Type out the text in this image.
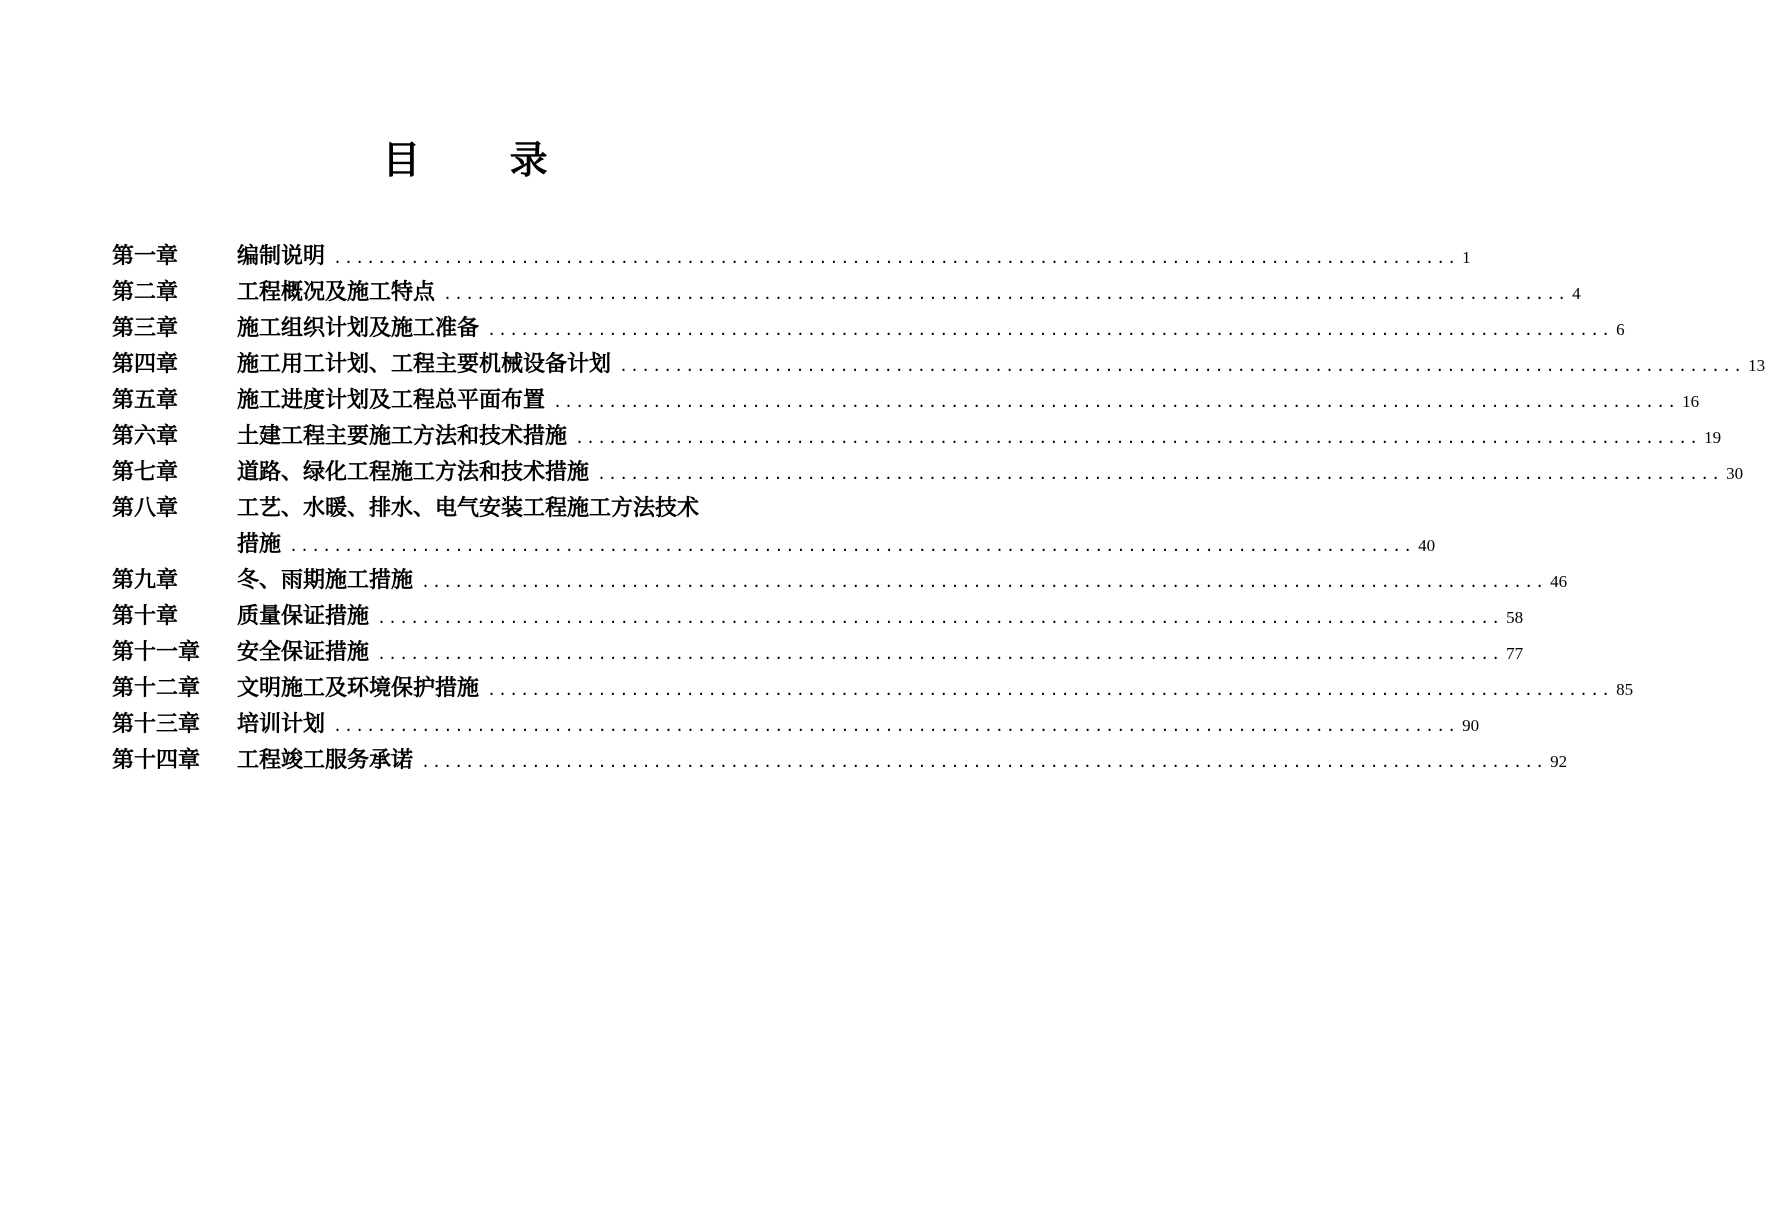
目 录
第一章	编制说明 ...................................................................................................... 1
第二章	工程概况及施工特点 ...................................................................................................... 4
第三章	施工组织计划及施工准备 ...................................................................................................... 6
第四章	施工用工计划、工程主要机械设备计划 ...................................................................................................... 13
第五章	施工进度计划及工程总平面布置 ...................................................................................................... 16
第六章	土建工程主要施工方法和技术措施 ...................................................................................................... 19
第七章	道路、绿化工程施工方法和技术措施 ...................................................................................................... 30
第八章	工艺、水暖、排水、电气安装工程施工方法技术
措施 ...................................................................................................... 40
第九章	冬、雨期施工措施 ...................................................................................................... 46
第十章	质量保证措施 ...................................................................................................... 58
第十一章 安全保证措施 ...................................................................................................... 77
第十二章 文明施工及环境保护措施 ...................................................................................................... 85
第十三章 培训计划 ...................................................................................................... 90
第十四章 工程竣工服务承诺 ...................................................................................................... 92
